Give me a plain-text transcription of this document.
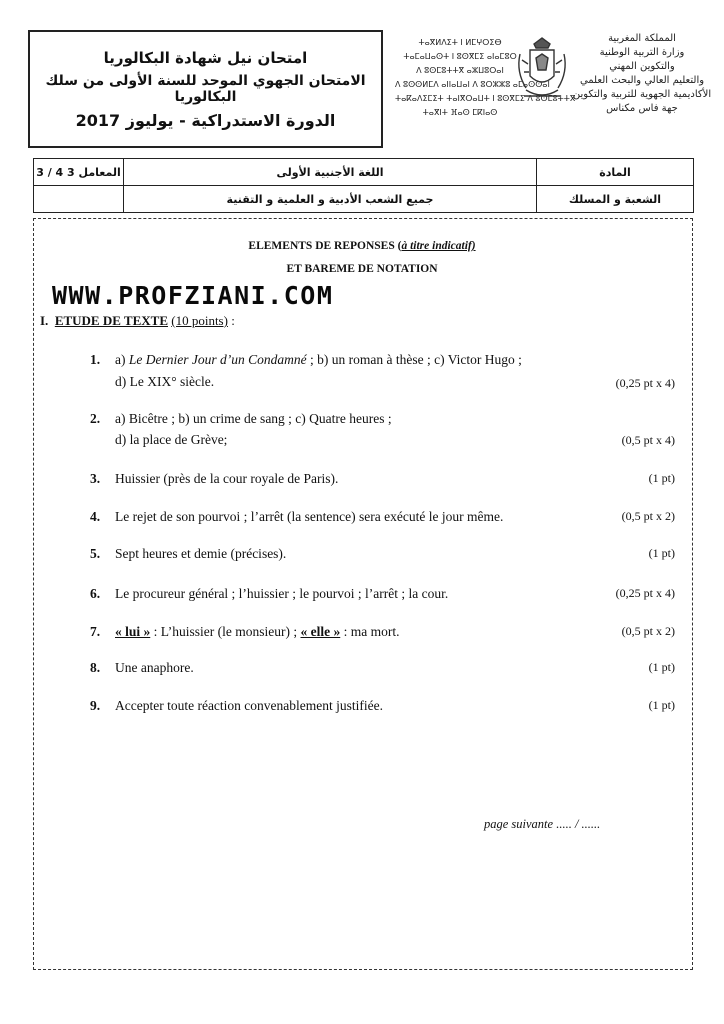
امتحان نيل شهادة البكالوريا
الامتحان الجهوي الموحد للسنة الأولى من سلك البكالوريا
الدورة الاستدراكية - يوليوز 2017
ⵜⴰⴳⵍⴷⵉⵜ ⵏ ⵍⵎⵖⵔⵉⴱ
ⵜⴰⵎⴰⵡⴰⵙⵜ ⵏ ⵓⵙⴳⵎⵉ ⴰⵏⴰⵎⵓⵔ
ⴷ ⵓⵙⵎⵓⵜⵜⴳ ⴰⵣⵡⵓⵔⴰⵏ
ⴷ ⵓⵙⵙⵍⵎⴷ ⴰⵏⵏⴰⵡⴰⵏ ⴷ ⵓⵔⵣⵣⵓ ⴰⵎⴰⵙⵙⴰⵏ
ⵜⴰⴽⴰⴷⵉⵎⵉⵜ ⵜⴰⵏⴳⵔⴰⵡⵜ ⵏ ⵓⵙⴳⵎⵉ ⴷ ⵓⵙⵎⵓⵜⵜⴳ
ⵜⴰⴳⵏⵜ ⴼⴰⵙ ⵎⴽⵏⴰⵙ
المملكة المغربية
وزارة التربية الوطنية
والتكوين المهني
والتعليم العالي والبحث العلمي
الأكاديمية الجهوية للتربية والتكوين
جهة فاس مكناس
المعامل 3 4 / 3	اللغة الأجنبية الأولى	المادة
	جميع الشعب الأدبية و العلمية و التقنية	الشعبة و المسلك
ELEMENTS DE REPONSES (à titre indicatif)
ET BAREME DE NOTATION
WWW.PROFZIANI.COM
I. ETUDE DE TEXTE (10 points) :
1. a) Le Dernier Jour d’un Condamné ; b) un roman à thèse ; c) Victor Hugo ;
d) Le XIX° siècle.	(0,25 pt x 4)
2. a) Bicêtre ; b) un crime de sang ; c) Quatre heures ;
d) la place de Grève;	(0,5 pt x 4)
3. Huissier (près de la cour royale de Paris).	(1 pt)
4. Le rejet de son pourvoi ; l’arrêt (la sentence) sera exécuté le jour même.	(0,5 pt x 2)
5. Sept heures et demie (précises).	(1 pt)
6. Le procureur général ; l’huissier ; le pourvoi ; l’arrêt ; la cour.	(0,25 pt x 4)
7. « lui » : L’huissier (le monsieur) ; « elle » : ma mort.	(0,5 pt x 2)
8. Une anaphore.	(1 pt)
9. Accepter toute réaction convenablement justifiée.	(1 pt)
page suivante ..... / ......
